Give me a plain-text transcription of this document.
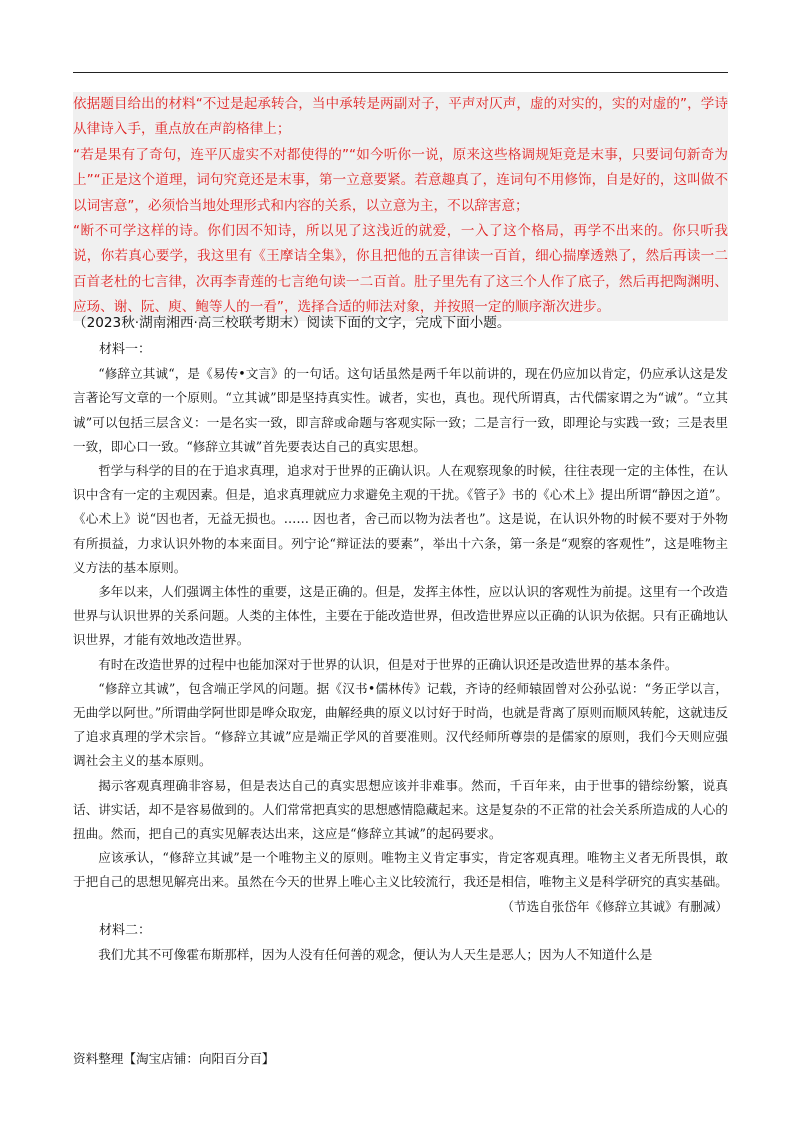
依据题目给出的材料“不过是起承转合，当中承转是两副对子，平声对仄声，虚的对实的，实的对虚的”，学诗从律诗入手，重点放在声韵格律上；

“若是果有了奇句，连平仄虚实不对都使得的”“如今听你一说，原来这些格调规矩竟是末事，只要词句新奇为上”“正是这个道理，词句究竟还是末事，第一立意要紧。若意趣真了，连词句不用修饰，自是好的，这叫做不以词害意”，必须恰当地处理形式和内容的关系，以立意为主，不以辞害意；

“断不可学这样的诗。你们因不知诗，所以见了这浅近的就爱，一入了这个格局，再学不出来的。你只听我说，你若真心要学，我这里有《王摩诘全集》，你且把他的五言律读一百首，细心揣摩透熟了，然后再读一二百首老杜的七言律，次再李青莲的七言绝句读一二百首。肚子里先有了这三个人作了底子，然后再把陶渊明、应玚、谢、阮、庾、鲍等人的一看”，选择合适的师法对象，并按照一定的顺序渐次进步。

（2023秋·湖南湘西·高三校联考期末）阅读下面的文字，完成下面小题。

材料一：

“修辞立其诚“，是《易传•文言》的一句话。这句话虽然是两千年以前讲的，现在仍应加以肯定，仍应承认这是发言著论写文章的一个原则。“立其诚”即是坚持真实性。诚者，实也，真也。现代所谓真，古代儒家谓之为“诚”。“立其诚”可以包括三层含义：一是名实一致，即言辞或命题与客观实际一致；二是言行一致，即理论与实践一致；三是表里一致，即心口一致。“修辞立其诚”首先要表达自己的真实思想。

哲学与科学的目的在于追求真理，追求对于世界的正确认识。人在观察现象的时候，往往表现一定的主体性，在认识中含有一定的主观因素。但是，追求真理就应力求避免主观的干扰。《管子》书的《心术上》提出所谓“静因之道”。《心术上》说“因也者，无益无损也。…… 因也者，舍己而以物为法者也”。这是说，在认识外物的时候不要对于外物有所损益，力求认识外物的本来面目。列宁论“辩证法的要素”，举出十六条，第一条是“观察的客观性”，这是唯物主义方法的基本原则。

多年以来，人们强调主体性的重要，这是正确的。但是，发挥主体性，应以认识的客观性为前提。这里有一个改造世界与认识世界的关系问题。人类的主体性，主要在于能改造世界，但改造世界应以正确的认识为依据。只有正确地认识世界，才能有效地改造世界。

有时在改造世界的过程中也能加深对于世界的认识，但是对于世界的正确认识还是改造世界的基本条件。

“修辞立其诚”，包含端正学风的问题。据《汉书•儒林传》记载，齐诗的经师辕固曾对公孙弘说：“务正学以言，无曲学以阿世。”所谓曲学阿世即是哗众取宠，曲解经典的原义以讨好于时尚，也就是背离了原则而顺风转舵，这就违反了追求真理的学术宗旨。“修辞立其诚”应是端正学风的首要准则。汉代经师所尊崇的是儒家的原则，我们今天则应强调社会主义的基本原则。

揭示客观真理确非容易，但是表达自己的真实思想应该并非难事。然而，千百年来，由于世事的错综纷繁，说真话、讲实话，却不是容易做到的。人们常常把真实的思想感情隐藏起来。这是复杂的不正常的社会关系所造成的人心的扭曲。然而，把自己的真实见解表达出来，这应是“修辞立其诚”的起码要求。

应该承认，“修辞立其诚”是一个唯物主义的原则。唯物主义肯定事实，肯定客观真理。唯物主义者无所畏惧，敢于把自己的思想见解亮出来。虽然在今天的世界上唯心主义比较流行，我还是相信，唯物主义是科学研究的真实基础。

（节选自张岱年《修辞立其诚》有删减）

材料二：

我们尤其不可像霍布斯那样，因为人没有任何善的观念，便认为人天生是恶人；因为人不知道什么是

资料整理【淘宝店铺：向阳百分百】
